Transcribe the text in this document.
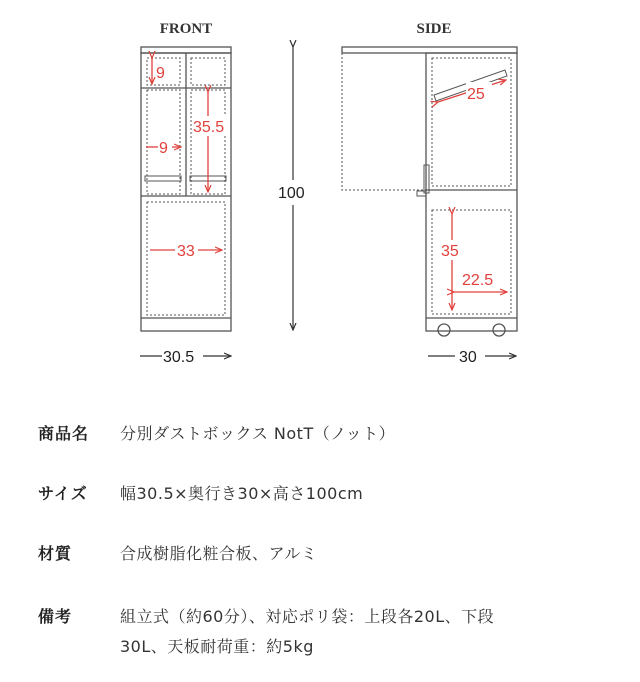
FRONT
9
9
35.5
33
30.5
100
SIDE
25
35
22.5
30
商品名	分別ダストボックス NotT（ノット）
サイズ	幅30.5×奥行き30×高さ100cm
材質	合成樹脂化粧合板、アルミ
備考	組立式（約60分）、対応ポリ袋：上段各20L、下段
30L、天板耐荷重：約5kg
